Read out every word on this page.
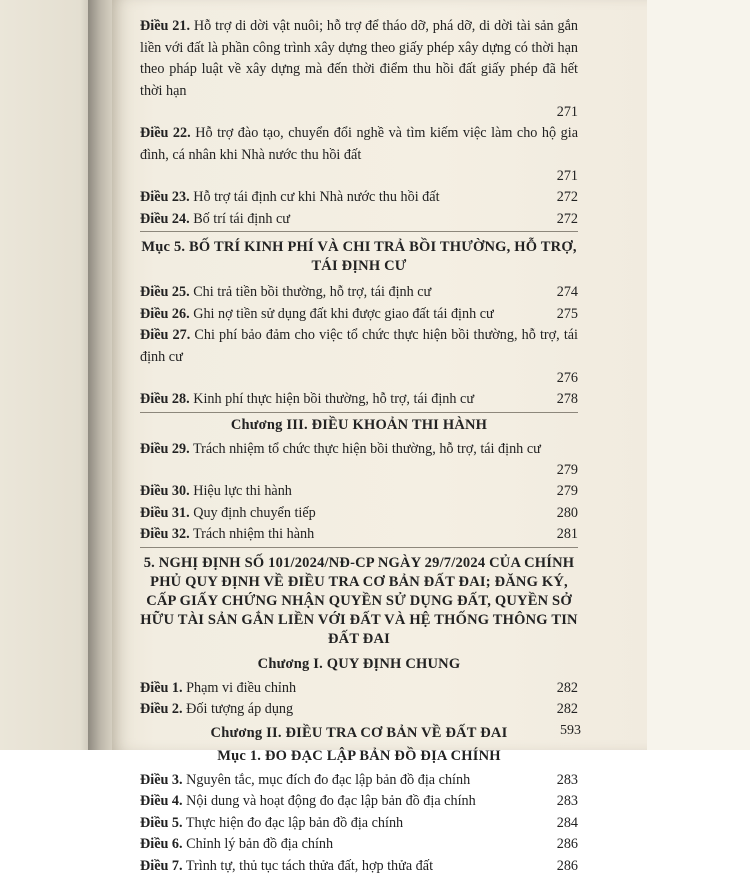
Điều 21. Hỗ trợ di dời vật nuôi; hỗ trợ để tháo dỡ, phá dỡ, di dời tài sản gắn liền với đất là phần công trình xây dựng theo giấy phép xây dựng có thời hạn theo pháp luật về xây dựng mà đến thời điểm thu hồi đất giấy phép đã hết thời hạn
271
Điều 22. Hỗ trợ đào tạo, chuyển đổi nghề và tìm kiếm việc làm cho hộ gia đình, cá nhân khi Nhà nước thu hồi đất
271
Điều 23. Hỗ trợ tái định cư khi Nhà nước thu hồi đất	272
Điều 24. Bố trí tái định cư	272
Mục 5. BỐ TRÍ KINH PHÍ VÀ CHI TRẢ BỒI THƯỜNG, HỖ TRỢ, TÁI ĐỊNH CƯ
Điều 25. Chi trả tiền bồi thường, hỗ trợ, tái định cư	274
Điều 26. Ghi nợ tiền sử dụng đất khi được giao đất tái định cư	275
Điều 27. Chi phí bảo đảm cho việc tổ chức thực hiện bồi thường, hỗ trợ, tái định cư
276
Điều 28. Kinh phí thực hiện bồi thường, hỗ trợ, tái định cư	278
Chương III. ĐIỀU KHOẢN THI HÀNH
Điều 29. Trách nhiệm tổ chức thực hiện bồi thường, hỗ trợ, tái định cư
279
Điều 30. Hiệu lực thi hành	279
Điều 31. Quy định chuyển tiếp	280
Điều 32. Trách nhiệm thi hành	281
5. NGHỊ ĐỊNH SỐ 101/2024/NĐ-CP NGÀY 29/7/2024 CỦA CHÍNH PHỦ QUY ĐỊNH VỀ ĐIỀU TRA CƠ BẢN ĐẤT ĐAI; ĐĂNG KÝ, CẤP GIẤY CHỨNG NHẬN QUYỀN SỬ DỤNG ĐẤT, QUYỀN SỞ HỮU TÀI SẢN GẮN LIỀN VỚI ĐẤT VÀ HỆ THỐNG THÔNG TIN ĐẤT ĐAI
Chương I. QUY ĐỊNH CHUNG
Điều 1. Phạm vi điều chỉnh	282
Điều 2. Đối tượng áp dụng	282
Chương II. ĐIỀU TRA CƠ BẢN VỀ ĐẤT ĐAI
Mục 1. ĐO ĐẠC LẬP BẢN ĐỒ ĐỊA CHÍNH
Điều 3. Nguyên tắc, mục đích đo đạc lập bản đồ địa chính	283
Điều 4. Nội dung và hoạt động đo đạc lập bản đồ địa chính	283
Điều 5. Thực hiện đo đạc lập bản đồ địa chính	284
Điều 6. Chỉnh lý bản đồ địa chính	286
Điều 7. Trình tự, thủ tục tách thửa đất, hợp thửa đất	286
593
